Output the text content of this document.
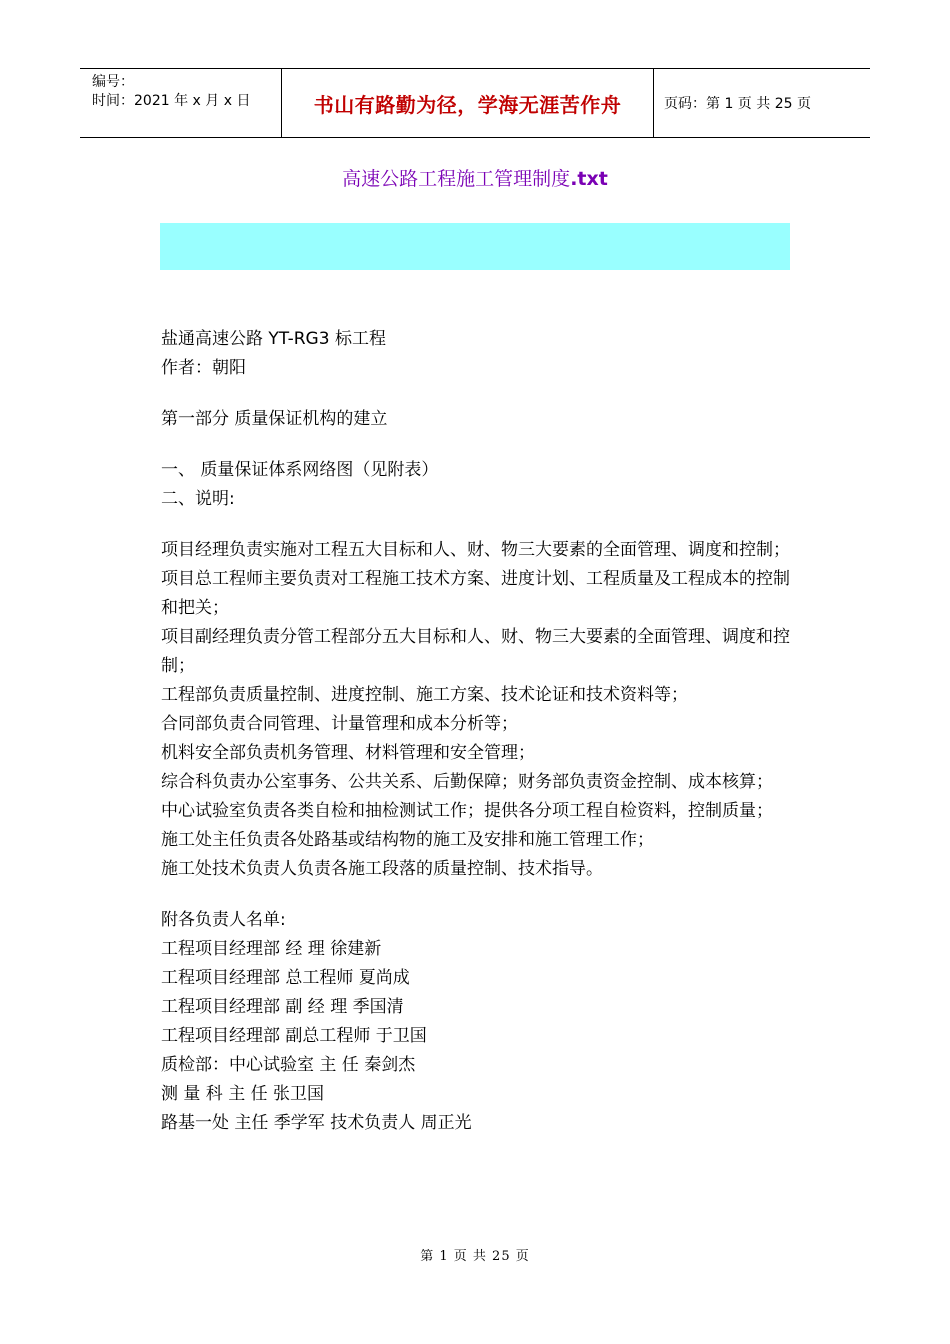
编号：
时间：2021 年 x 月 x 日	书山有路勤为径，学海无涯苦作舟	页码：第 1 页 共 25 页
高速公路工程施工管理制度.txt

盐通高速公路 YT-RG3 标工程

作者：朝阳

第一部分 质量保证机构的建立

一、 质量保证体系网络图（见附表）

二、说明:

项目经理负责实施对工程五大目标和人、财、物三大要素的全面管理、调度和控制；

项目总工程师主要负责对工程施工技术方案、进度计划、工程质量及工程成本的控制和把关；

项目副经理负责分管工程部分五大目标和人、财、物三大要素的全面管理、调度和控制；

工程部负责质量控制、进度控制、施工方案、技术论证和技术资料等；

合同部负责合同管理、计量管理和成本分析等；

机料安全部负责机务管理、材料管理和安全管理；

综合科负责办公室事务、公共关系、后勤保障；财务部负责资金控制、成本核算；

中心试验室负责各类自检和抽检测试工作；提供各分项工程自检资料，控制质量；

施工处主任负责各处路基或结构物的施工及安排和施工管理工作；

施工处技术负责人负责各施工段落的质量控制、技术指导。

附各负责人名单:

工程项目经理部 经 理 徐建新

工程项目经理部 总工程师 夏尚成

工程项目经理部 副 经 理 季国清

工程项目经理部 副总工程师 于卫国

质检部：中心试验室 主 任 秦剑杰

测 量 科 主 任 张卫国

路基一处 主任 季学军 技术负责人 周正光

第 1 页 共 25 页
